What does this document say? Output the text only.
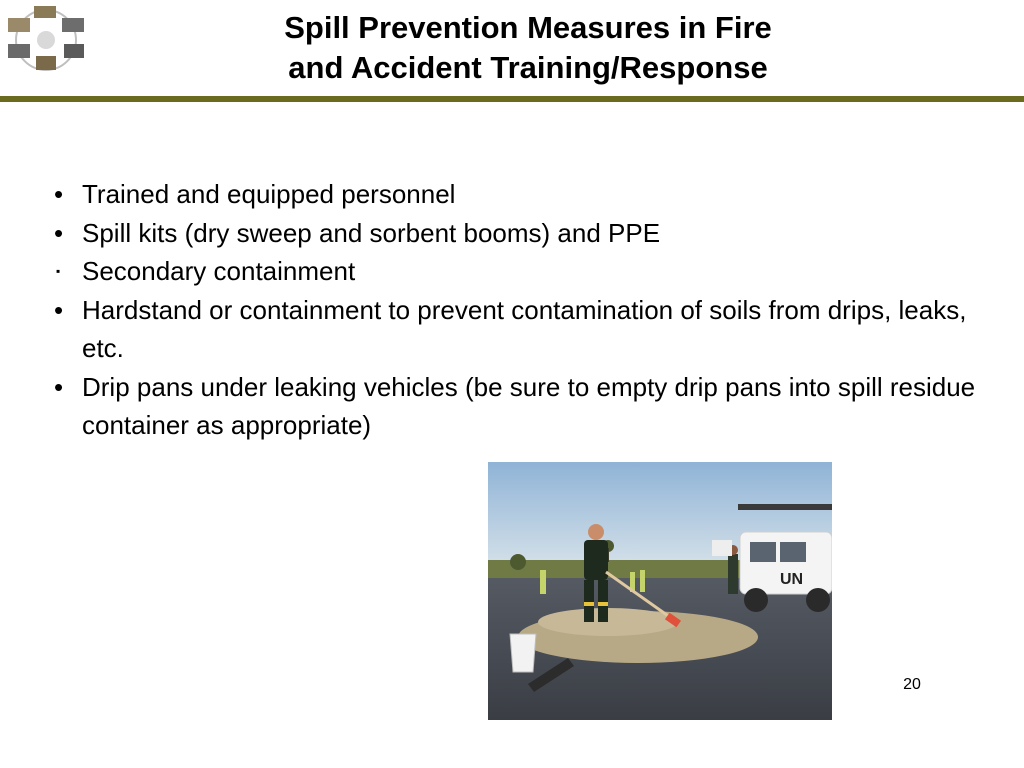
Spill Prevention Measures in Fire
and Accident Training/Response
• Trained and equipped personnel
• Spill kits (dry sweep and sorbent booms) and PPE
▪ Secondary containment
• Hardstand or containment to prevent contamination of soils from drips, leaks, etc.
• Drip pans under leaking vehicles (be sure to empty drip pans into spill residue container as appropriate)
UN
20
